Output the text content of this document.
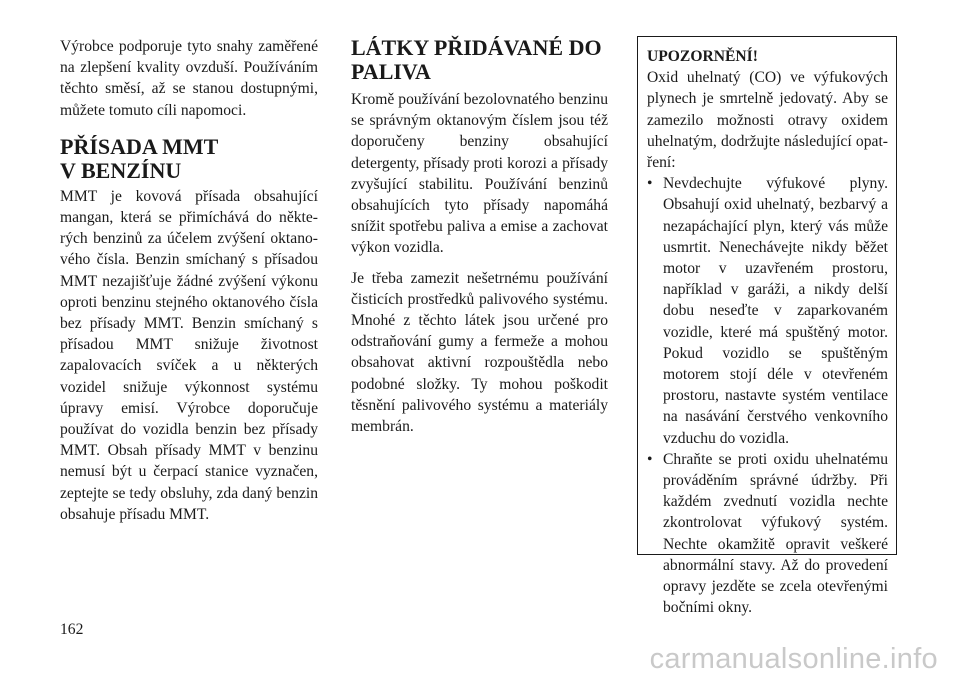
Výrobce podporuje tyto snahy zaměřené na zlepšení kvality ovzduší. Používáním těchto směsí, až se stanou dostupnými, můžete tomuto cíli napomoci.

PŘÍSADA MMT
V BENZÍNU

MMT je kovová přísada obsahující mangan, která se přimíchává do některých benzinů za účelem zvýšení oktanového čísla. Benzin smíchaný s přísadou MMT nezajišťuje žádné zvýšení výkonu oproti benzinu stejného oktanového čísla bez přísady MMT. Benzin smíchaný s přísadou MMT snižuje životnost zapalovacích svíček a u některých vozidel snižuje výkonnost systému úpravy emisí. Výrobce doporučuje používat do vozidla benzin bez přísady MMT. Obsah přísady MMT v benzinu nemusí být u čerpací stanice vyznačen, zeptejte se tedy obsluhy, zda daný benzin obsahuje přísadu MMT.

LÁTKY PŘIDÁVANÉ DO
PALIVA

Kromě používání bezolovnatého benzinu se správným oktanovým číslem jsou též doporučeny benziny obsahující detergenty, přísady proti korozi a přísady zvyšující stabilitu. Používání benzinů obsahujících tyto přísady napomáhá snížit spotřebu paliva a emise a zachovat výkon vozidla.

Je třeba zamezit nešetrnému používání čisticích prostředků palivového systému. Mnohé z těchto látek jsou určené pro odstraňování gumy a fermeže a mohou obsahovat aktivní rozpouštědla nebo podobné složky. Ty mohou poškodit těsnění palivového systému a materiály membrán.

UPOZORNĚNÍ!

Oxid uhelnatý (CO) ve výfukových plynech je smrtelně jedovatý. Aby se zamezilo možnosti otravy oxidem uhelnatým, dodržujte následující opatření:

• Nevdechujte výfukové plyny. Obsahují oxid uhelnatý, bezbarvý a nezapáchající plyn, který vás může usmrtit. Nenechávejte nikdy běžet motor v uzavřeném prostoru, například v garáži, a nikdy delší dobu neseďte v zaparkovaném vozidle, které má spuštěný motor. Pokud vozidlo se spuštěným motorem stojí déle v otevřeném prostoru, nastavte systém ventilace na nasávání čerstvého venkovního vzduchu do vozidla.
• Chraňte se proti oxidu uhelnatému prováděním správné údržby. Při každém zvednutí vozidla nechte zkontrolovat výfukový systém. Nechte okamžitě opravit veškeré abnormální stavy. Až do provedení opravy jezděte se zcela otevřenými bočními okny.
162
carmanualsonline.info
